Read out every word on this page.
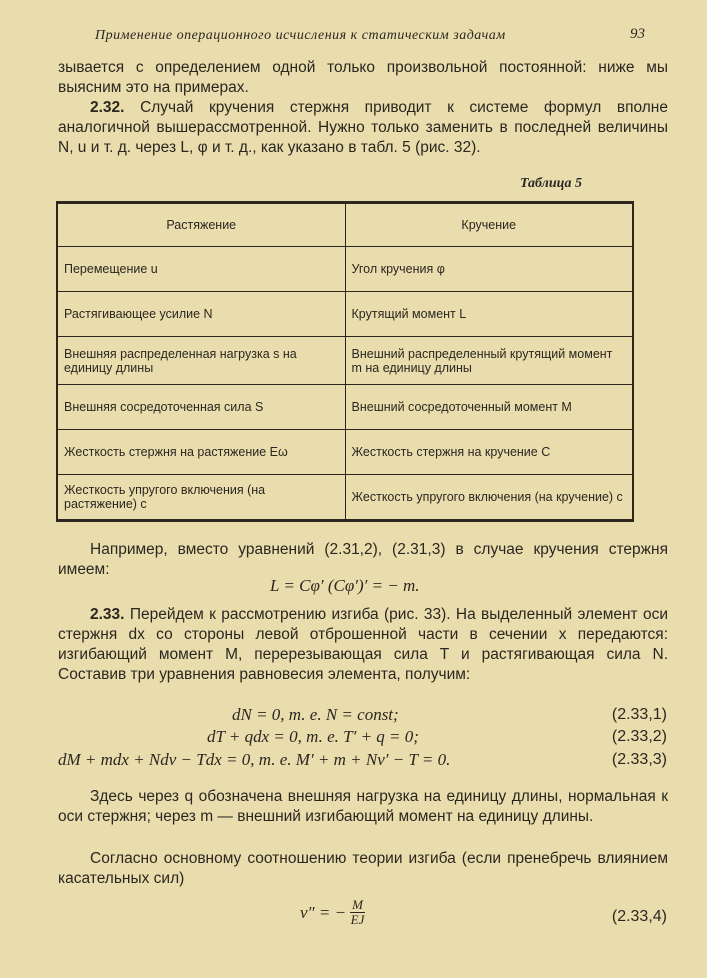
Применение операционного исчисления к статическим задачам	93
зывается с определением одной только произвольной постоянной: ниже мы выясним это на примерах.
2.32. Случай кручения стержня приводит к системе формул вполне аналогичной вышерассмотренной. Нужно только заменить в последней величины N, u и т. д. через L, φ и т. д., как указано в табл. 5 (рис. 32).
Таблица 5
Растяжение	Кручение
Перемещение u	Угол кручения φ
Растягивающее усилие N	Крутящий момент L
Внешняя распределенная нагрузка s на единицу длины	Внешний распределенный крутящий момент m на единицу длины
Внешняя сосредоточенная сила S	Внешний сосредоточенный момент M
Жесткость стержня на растяжение Eω	Жесткость стержня на кручение C
Жесткость упругого включения (на растяжение) c	Жесткость упругого включения (на кручение) c
Например, вместо уравнений (2.31,2), (2.31,3) в случае кручения стержня имеем:
L = Cφ′ (Cφ′)′ = − m.
2.33. Перейдем к рассмотрению изгиба (рис. 33). На выделенный элемент оси стержня dx со стороны левой отброшенной части в сечении x передаются: изгибающий момент M, перерезывающая сила T и растягивающая сила N. Составив три уравнения равновесия элемента, получим:
dN = 0, т. е. N = const;	(2.33,1)
dT + qdx = 0, т. е. T′ + q = 0;	(2.33,2)
dM + mdx + Ndv − Tdx = 0, т. е. M′ + m + Nv′ − T = 0.	(2.33,3)
Здесь через q обозначена внешняя нагрузка на единицу длины, нормальная к оси стержня; через m — внешний изгибающий момент на единицу длины.
Согласно основному соотношению теории изгиба (если пренебречь влиянием касательных сил)
v″ = − $\frac{M}{EJ}$	(2.33,4)
